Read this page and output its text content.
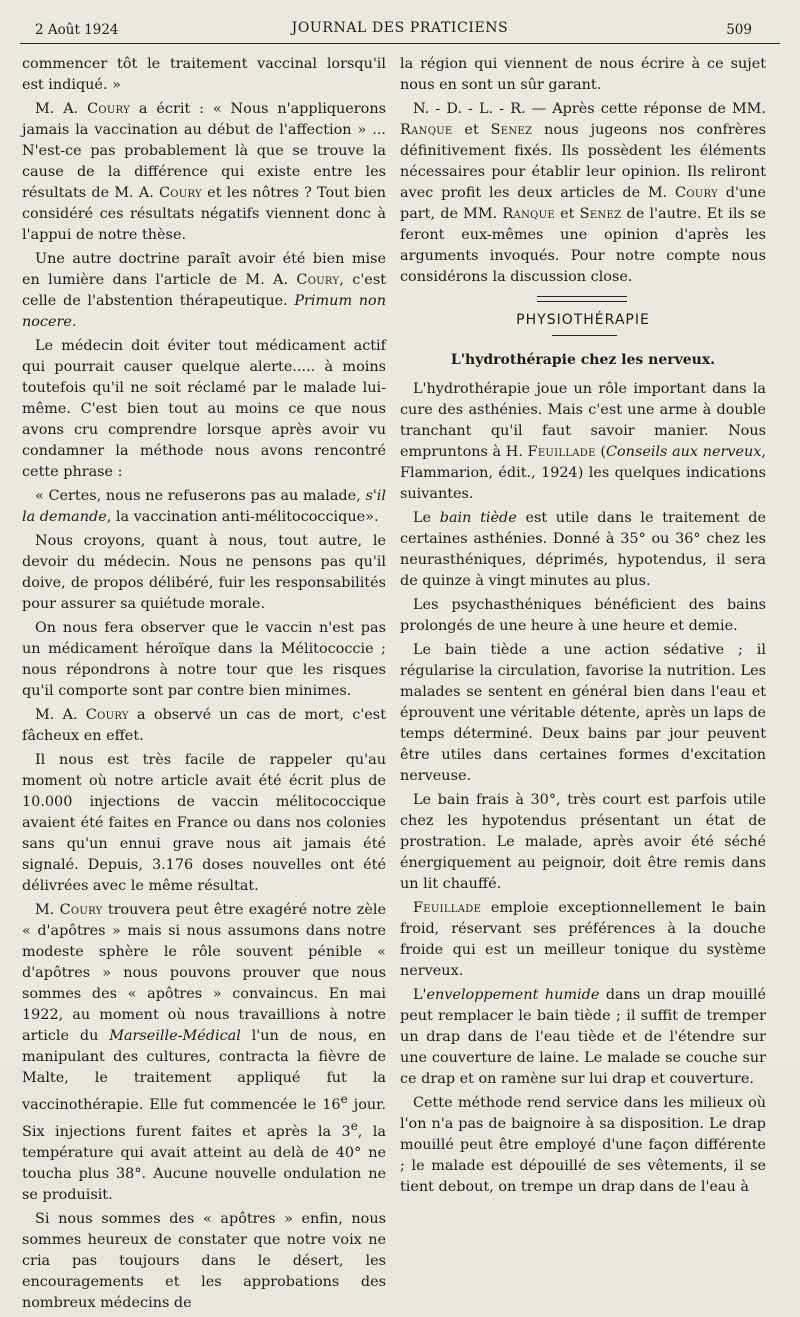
2 Août 1924	JOURNAL DES PRATICIENS	509

commencer tôt le traitement vaccinal lorsqu'il est indiqué. »

M. A. Coury a écrit : « Nous n'appliquerons jamais la vaccination au début de l'affection » ... N'est-ce pas probablement là que se trouve la cause de la différence qui existe entre les résultats de M. A. Coury et les nôtres ? Tout bien considéré ces résultats négatifs viennent donc à l'appui de notre thèse.

Une autre doctrine paraît avoir été bien mise en lumière dans l'article de M. A. Coury, c'est celle de l'abstention thérapeutique. Primum non nocere.

Le médecin doit éviter tout médicament actif qui pourrait causer quelque alerte..... à moins toutefois qu'il ne soit réclamé par le malade lui-même. C'est bien tout au moins ce que nous avons cru comprendre lorsque après avoir vu condamner la méthode nous avons rencontré cette phrase :

« Certes, nous ne refuserons pas au malade, s'il la demande, la vaccination anti-mélitococcique».

Nous croyons, quant à nous, tout autre, le devoir du médecin. Nous ne pensons pas qu'il doive, de propos délibéré, fuir les responsabilités pour assurer sa quiétude morale.

On nous fera observer que le vaccin n'est pas un médicament héroïque dans la Mélitococcie ; nous répondrons à notre tour que les risques qu'il comporte sont par contre bien minimes.

M. A. Coury a observé un cas de mort, c'est fâcheux en effet.

Il nous est très facile de rappeler qu'au moment où notre article avait été écrit plus de 10.000 injections de vaccin mélitococcique avaient été faites en France ou dans nos colonies sans qu'un ennui grave nous ait jamais été signalé. Depuis, 3.176 doses nouvelles ont été délivrées avec le même résultat.

M. Coury trouvera peut être exagéré notre zèle « d'apôtres » mais si nous assumons dans notre modeste sphère le rôle souvent pénible « d'apôtres » nous pouvons prouver que nous sommes des « apôtres » convaincus. En mai 1922, au moment où nous travaillions à notre article du Marseille-Médical l'un de nous, en manipulant des cultures, contracta la fièvre de Malte, le traitement appliqué fut la vaccinothérapie. Elle fut commencée le 16e jour. Six injections furent faites et après la 3e, la température qui avait atteint au delà de 40° ne toucha plus 38°. Aucune nouvelle ondulation ne se produisit.

Si nous sommes des « apôtres » enfin, nous sommes heureux de constater que notre voix ne cria pas toujours dans le désert, les encouragements et les approbations des nombreux médecins de

la région qui viennent de nous écrire à ce sujet nous en sont un sûr garant.

N. - D. - L. - R. — Après cette réponse de MM. Ranque et Senez nous jugeons nos confrères définitivement fixés. Ils possèdent les éléments nécessaires pour établir leur opinion. Ils reliront avec profit les deux articles de M. Coury d'une part, de MM. Ranque et Senez de l'autre. Et ils se feront eux-mêmes une opinion d'après les arguments invoqués. Pour notre compte nous considérons la discussion close.

PHYSIOTHÉRAPIE
L'hydrothérapie chez les nerveux.

L'hydrothérapie joue un rôle important dans la cure des asthénies. Mais c'est une arme à double tranchant qu'il faut savoir manier. Nous empruntons à H. Feuillade (Conseils aux nerveux, Flammarion, édit., 1924) les quelques indications suivantes.

Le bain tiède est utile dans le traitement de certaines asthénies. Donné à 35° ou 36° chez les neurasthéniques, déprimés, hypotendus, il sera de quinze à vingt minutes au plus.

Les psychasthéniques bénéficient des bains prolongés de une heure à une heure et demie.

Le bain tiède a une action sédative ; il régularise la circulation, favorise la nutrition. Les malades se sentent en général bien dans l'eau et éprouvent une véritable détente, après un laps de temps déterminé. Deux bains par jour peuvent être utiles dans certaines formes d'excitation nerveuse.

Le bain frais à 30°, très court est parfois utile chez les hypotendus présentant un état de prostration. Le malade, après avoir été séché énergiquement au peignoir, doit être remis dans un lit chauffé.

Feuillade emploie exceptionnellement le bain froid, réservant ses préférences à la douche froide qui est un meilleur tonique du système nerveux.

L'enveloppement humide dans un drap mouillé peut remplacer le bain tiède ; il suffit de tremper un drap dans de l'eau tiède et de l'étendre sur une couverture de laine. Le malade se couche sur ce drap et on ramène sur lui drap et couverture.

Cette méthode rend service dans les milieux où l'on n'a pas de baignoire à sa disposition. Le drap mouillé peut être employé d'une façon différente ; le malade est dépouillé de ses vêtements, il se tient debout, on trempe un drap dans de l'eau à
